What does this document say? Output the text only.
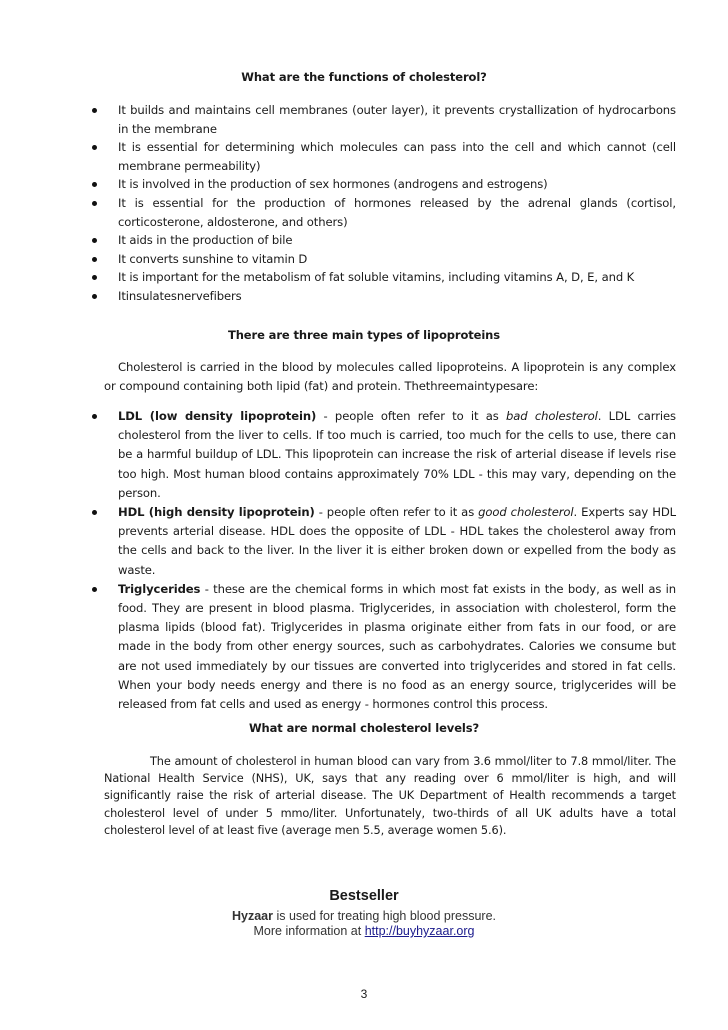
What are the functions of cholesterol?
It builds and maintains cell membranes (outer layer), it prevents crystallization of hydrocarbons in the membrane
It is essential for determining which molecules can pass into the cell and which cannot (cell membrane permeability)
It is involved in the production of sex hormones (androgens and estrogens)
It is essential for the production of hormones released by the adrenal glands (cortisol, corticosterone, aldosterone, and others)
It aids in the production of bile
It converts sunshine to vitamin D
It is important for the metabolism of fat soluble vitamins, including vitamins A, D, E, and K
Itinsulatesnervefibers
There are three main types of lipoproteins
Cholesterol is carried in the blood by molecules called lipoproteins. A lipoprotein is any complex or compound containing both lipid (fat) and protein. Thethreemaintypesare:
LDL (low density lipoprotein) - people often refer to it as bad cholesterol. LDL carries cholesterol from the liver to cells. If too much is carried, too much for the cells to use, there can be a harmful buildup of LDL. This lipoprotein can increase the risk of arterial disease if levels rise too high. Most human blood contains approximately 70% LDL - this may vary, depending on the person.
HDL (high density lipoprotein) - people often refer to it as good cholesterol. Experts say HDL prevents arterial disease. HDL does the opposite of LDL - HDL takes the cholesterol away from the cells and back to the liver. In the liver it is either broken down or expelled from the body as waste.
Triglycerides - these are the chemical forms in which most fat exists in the body, as well as in food. They are present in blood plasma. Triglycerides, in association with cholesterol, form the plasma lipids (blood fat). Triglycerides in plasma originate either from fats in our food, or are made in the body from other energy sources, such as carbohydrates. Calories we consume but are not used immediately by our tissues are converted into triglycerides and stored in fat cells. When your body needs energy and there is no food as an energy source, triglycerides will be released from fat cells and used as energy - hormones control this process.
What are normal cholesterol levels?
The amount of cholesterol in human blood can vary from 3.6 mmol/liter to 7.8 mmol/liter. The National Health Service (NHS), UK, says that any reading over 6 mmol/liter is high, and will significantly raise the risk of arterial disease. The UK Department of Health recommends a target cholesterol level of under 5 mmo/liter. Unfortunately, two-thirds of all UK adults have a total cholesterol level of at least five (average men 5.5, average women 5.6).
Bestseller
Hyzaar is used for treating high blood pressure.
More information at http://buyhyzaar.org
3
